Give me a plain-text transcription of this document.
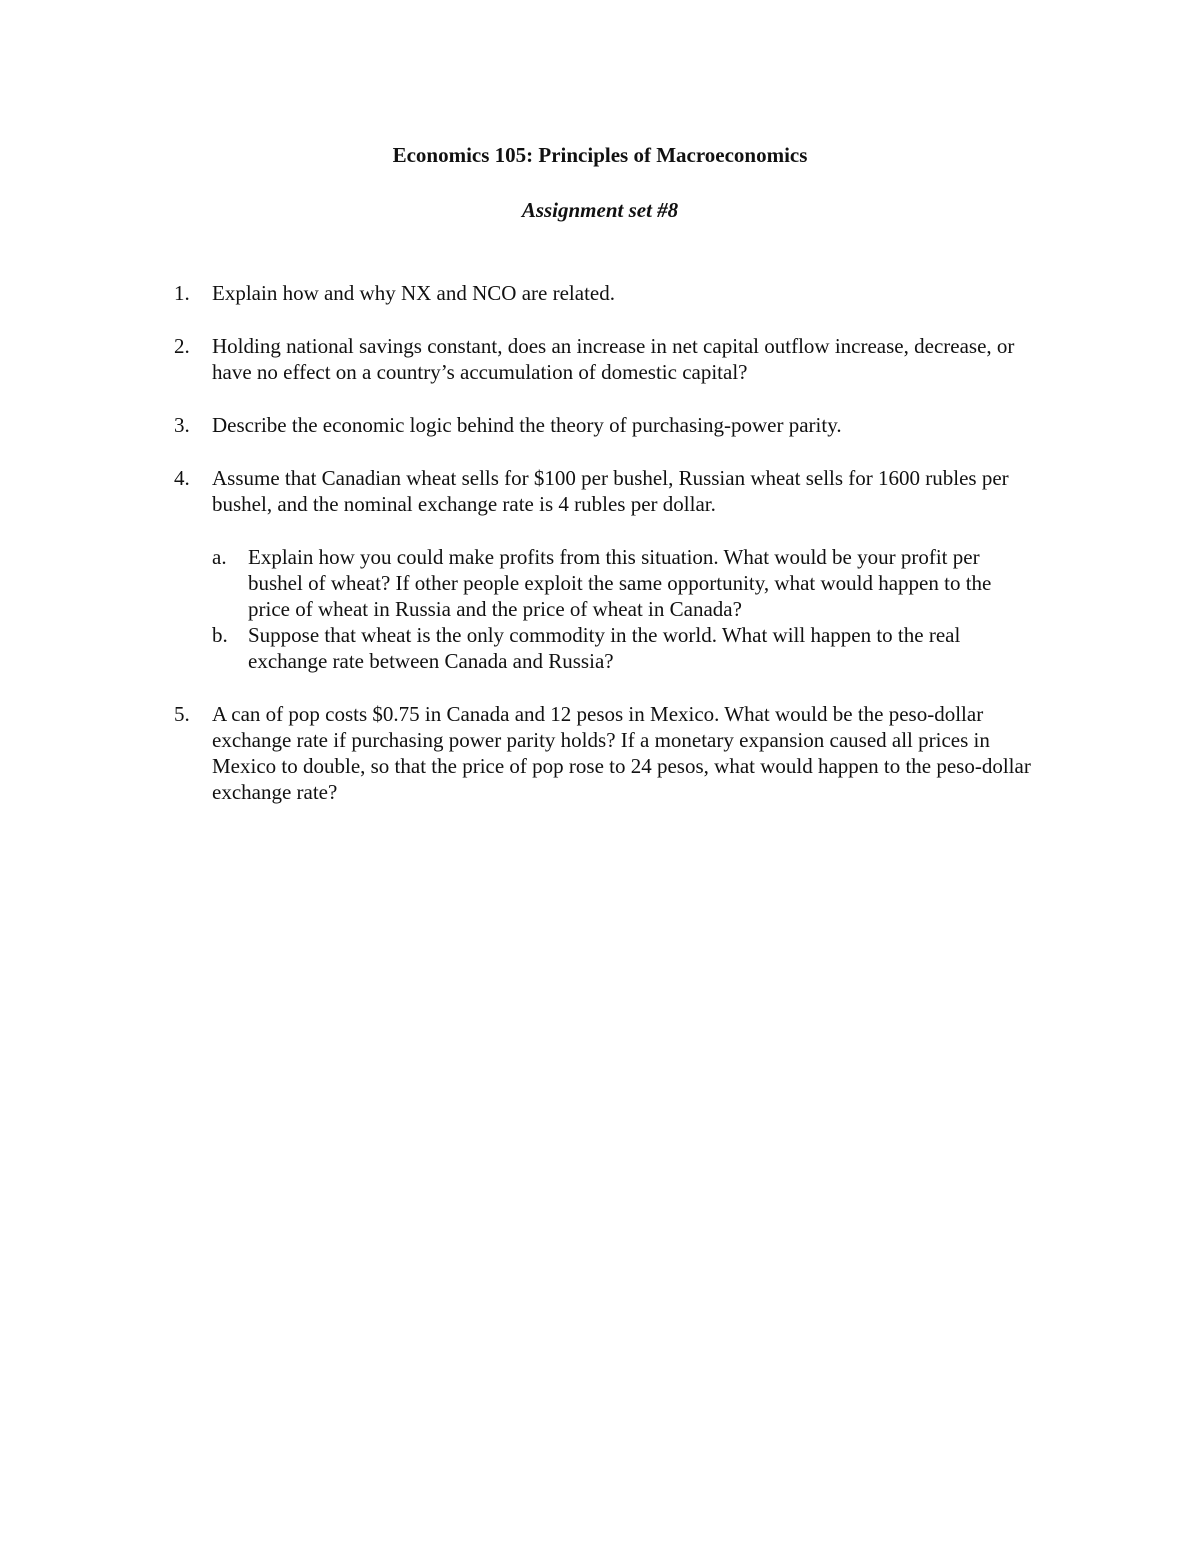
Economics 105: Principles of Macroeconomics

Assignment set #8

1. Explain how and why NX and NCO are related.
2. Holding national savings constant, does an increase in net capital outflow increase, decrease, or have no effect on a country’s accumulation of domestic capital?
3. Describe the economic logic behind the theory of purchasing-power parity.
4. Assume that Canadian wheat sells for $100 per bushel, Russian wheat sells for 1600 rubles per bushel, and the nominal exchange rate is 4 rubles per dollar.
a. Explain how you could make profits from this situation. What would be your profit per bushel of wheat? If other people exploit the same opportunity, what would happen to the price of wheat in Russia and the price of wheat in Canada?
b. Suppose that wheat is the only commodity in the world. What will happen to the real exchange rate between Canada and Russia?
5. A can of pop costs $0.75 in Canada and 12 pesos in Mexico. What would be the peso-dollar exchange rate if purchasing power parity holds? If a monetary expansion caused all prices in Mexico to double, so that the price of pop rose to 24 pesos, what would happen to the peso-dollar exchange rate?
